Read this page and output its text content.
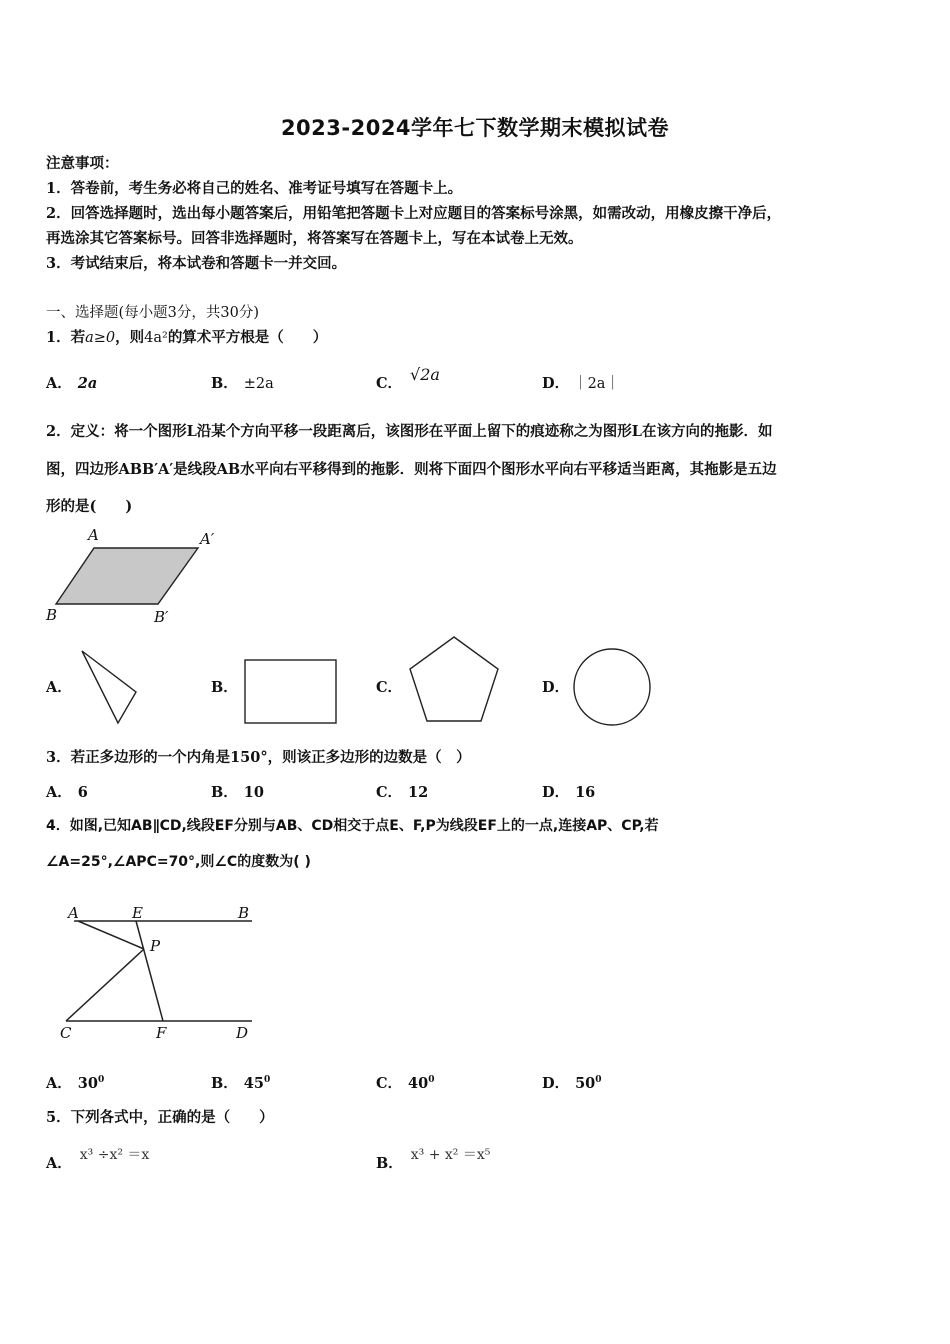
2023-2024学年七下数学期末模拟试卷
注意事项：
1．答卷前，考生务必将自己的姓名、准考证号填写在答题卡上。
2．回答选择题时，选出每小题答案后，用铅笔把答题卡上对应题目的答案标号涂黑，如需改动，用橡皮擦干净后，
再选涂其它答案标号。回答非选择题时，将答案写在答题卡上，写在本试卷上无效。
3．考试结束后，将本试卷和答题卡一并交回。
一、选择题(每小题3分，共30分)
1．若a≥0，则4a²的算术平方根是（　　）
A． 2a	B． ±2a	C． √2a	D． ｜2a｜
2．定义：将一个图形L沿某个方向平移一段距离后，该图形在平面上留下的痕迹称之为图形L在该方向的拖影．如
图，四边形ABB′A′是线段AB水平向右平移得到的拖影．则将下面四个图形水平向右平移适当距离，其拖影是五边
形的是(　　)
A	A′
B	B′
A．	B．	C．	D．
3．若正多边形的一个内角是150°，则该正多边形的边数是（　）
A． 6	B． 10	C． 12	D． 16
4．如图,已知AB∥CD,线段EF分别与AB、CD相交于点E、F,P为线段EF上的一点,连接AP、CP,若
∠A=25°,∠APC=70°,则∠C的度数为( )
A	E	B
P
C	F	D
A． $30^0$	B． $45^0$	C． $40^0$	D． $50^0$
5．下列各式中，正确的是（　　）
A． x³ ÷x² ＝x	B． x³ + x² ＝x⁵
